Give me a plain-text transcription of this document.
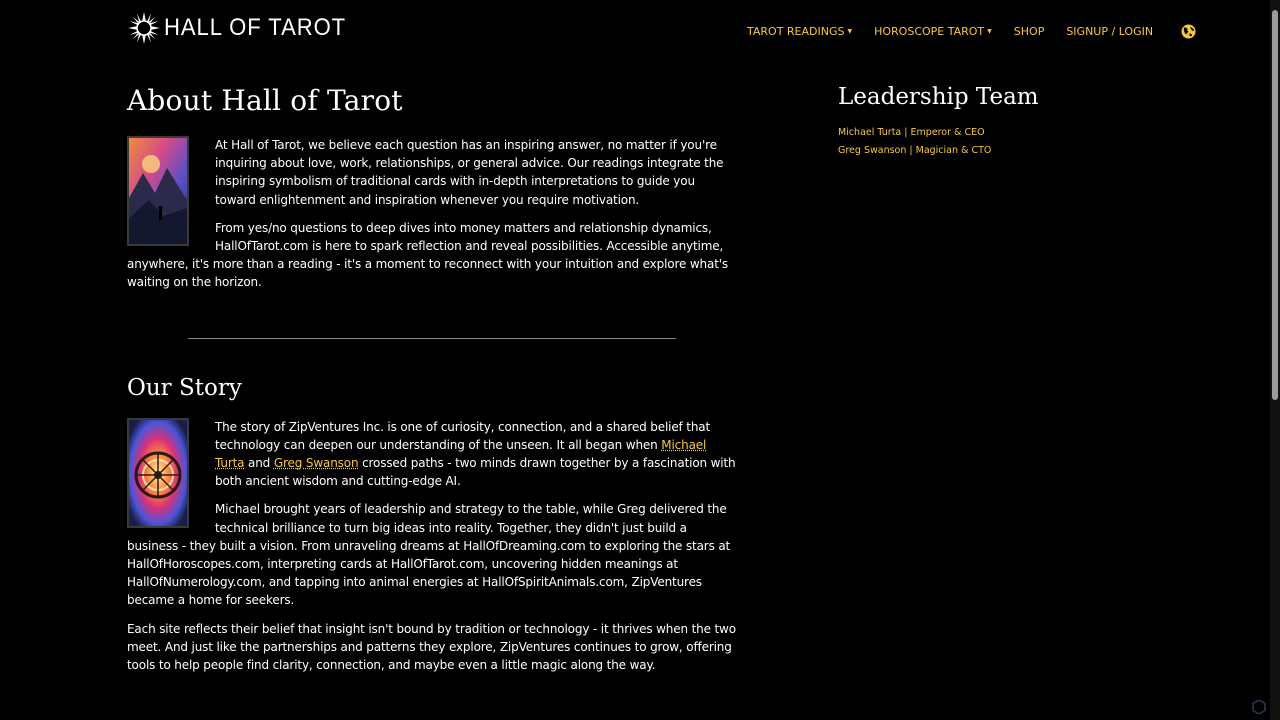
HALL OF TAROT	TAROT READINGS ▼ HOROSCOPE TAROT ▼ SHOP SIGNUP / LOGIN
About Hall of Tarot

At Hall of Tarot, we believe each question has an inspiring answer, no matter if you're inquiring about love, work, relationships, or general advice. Our readings integrate the inspiring symbolism of traditional cards with in-depth interpretations to guide you toward enlightenment and inspiration whenever you require motivation.

From yes/no questions to deep dives into money matters and relationship dynamics, HallOfTarot.com is here to spark reflection and reveal possibilities. Accessible anytime, anywhere, it's more than a reading - it's a moment to reconnect with your intuition and explore what's waiting on the horizon.

Our Story

The story of ZipVentures Inc. is one of curiosity, connection, and a shared belief that technology can deepen our understanding of the unseen. It all began when Michael Turta and Greg Swanson crossed paths - two minds drawn together by a fascination with both ancient wisdom and cutting-edge AI.

Michael brought years of leadership and strategy to the table, while Greg delivered the technical brilliance to turn big ideas into reality. Together, they didn't just build a business - they built a vision. From unraveling dreams at HallOfDreaming.com to exploring the stars at HallOfHoroscopes.com, interpreting cards at HallOfTarot.com, uncovering hidden meanings at HallOfNumerology.com, and tapping into animal energies at HallOfSpiritAnimals.com, ZipVentures became a home for seekers.

Each site reflects their belief that insight isn't bound by tradition or technology - it thrives when the two meet. And just like the partnerships and patterns they explore, ZipVentures continues to grow, offering tools to help people find clarity, connection, and maybe even a little magic along the way.

Leadership Team
Michael Turta | Emperor & CEO
Greg Swanson | Magician & CTO
